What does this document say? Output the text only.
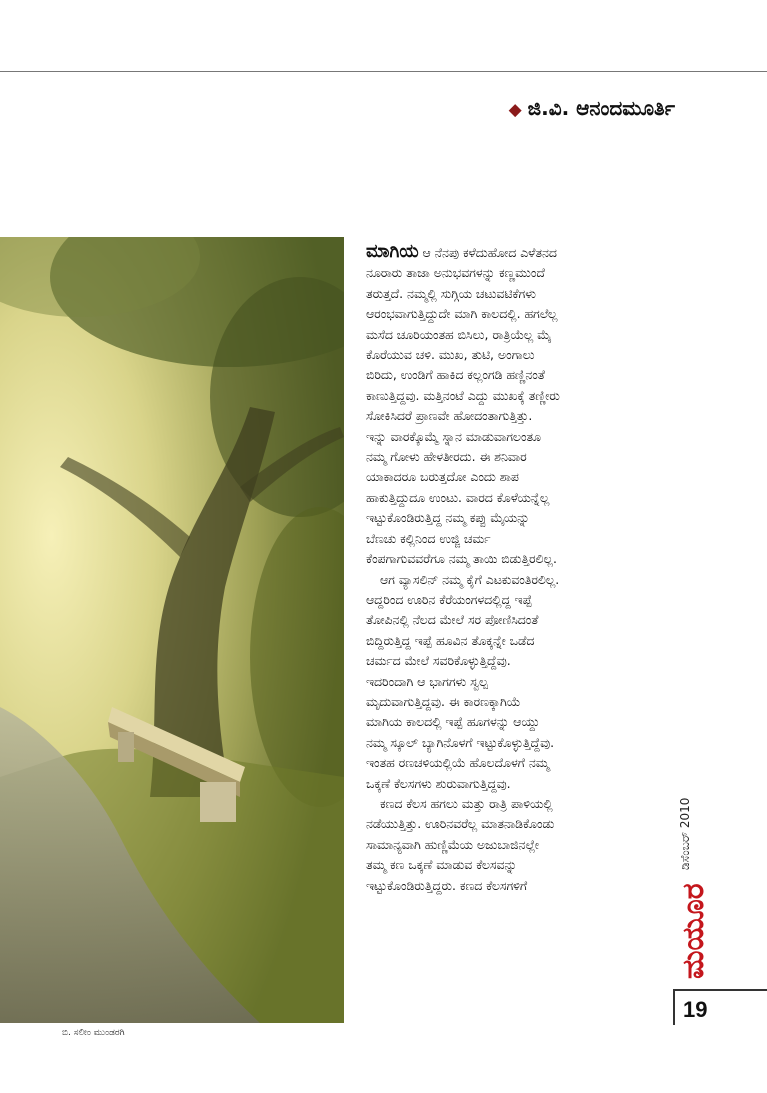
◆ ಜಿ.ವಿ. ಆನಂದಮೂರ್ತಿ
ಬಿ. ಸಲೀಂ ಮುಂಡರಗಿ
ಮಾಗಿಯ ಆ ನೆನಪು ಕಳೆದುಹೋದ ಎಳೆತನದ
ನೂರಾರು ತಾಜಾ ಅನುಭವಗಳನ್ನು ಕಣ್ಣಮುಂದೆ
ತರುತ್ತದೆ. ನಮ್ಮಲ್ಲಿ ಸುಗ್ಗಿಯ ಚಟುವಟಿಕೆಗಳು
ಆರಂಭವಾಗುತ್ತಿದ್ದುದೇ ಮಾಗಿ ಕಾಲದಲ್ಲಿ. ಹಗಲೆಲ್ಲ
ಮಸೆದ ಚೂರಿಯಂತಹ ಬಿಸಿಲು, ರಾತ್ರಿಯೆಲ್ಲ ಮೈ
ಕೊರೆಯುವ ಚಳಿ. ಮುಖ, ತುಟಿ, ಅಂಗಾಲು
ಬಿರಿದು, ಉಂಡಿಗೆ ಹಾಕಿದ ಕಲ್ಲಂಗಡಿ ಹಣ್ಣಿನಂತೆ
ಕಾಣುತ್ತಿದ್ದವು. ಮತ್ತಿನಂಟೆ ಎದ್ದು ಮುಖಕ್ಕೆ ತಣ್ಣೀರು
ಸೋಕಿಸಿದರೆ ಪ್ರಾಣವೇ ಹೋದಂತಾಗುತ್ತಿತ್ತು.
ಇನ್ನು ವಾರಕ್ಕೊಮ್ಮೆ ಸ್ನಾನ ಮಾಡುವಾಗಲಂತೂ
ನಮ್ಮ ಗೋಳು ಹೇಳತೀರದು. ಈ ಶನಿವಾರ
ಯಾಕಾದರೂ ಬರುತ್ತದೋ ಎಂದು ಶಾಪ
ಹಾಕುತ್ತಿದ್ದುದೂ ಉಂಟು. ವಾರದ ಕೊಳೆಯನ್ನೆಲ್ಲ
ಇಟ್ಟುಕೊಂಡಿರುತ್ತಿದ್ದ ನಮ್ಮ ಕಪ್ಪು ಮೈಯನ್ನು
ಬೆಣಚು ಕಲ್ಲಿನಿಂದ ಉಜ್ಜಿ ಚರ್ಮ
ಕೆಂಪಗಾಗುವವರೆಗೂ ನಮ್ಮ ತಾಯಿ ಬಿಡುತ್ತಿರಲಿಲ್ಲ.
ಆಗ ವ್ಯಾಸಲಿನ್ ನಮ್ಮ ಕೈಗೆ ಎಟಕುವಂತಿರಲಿಲ್ಲ.
ಆದ್ದರಿಂದ ಊರಿನ ಕೆರೆಯಂಗಳದಲ್ಲಿದ್ದ ಇಪ್ಪೆ
ತೋಪಿನಲ್ಲಿ ನೆಲದ ಮೇಲೆ ಸರ ಪೋಣಿಸಿದಂತೆ
ಬಿದ್ದಿರುತ್ತಿದ್ದ ಇಪ್ಪೆ ಹೂವಿನ ತೊಕ್ಕನ್ನೇ ಒಡೆದ
ಚರ್ಮದ ಮೇಲೆ ಸವರಿಕೊಳ್ಳುತ್ತಿದ್ದೆವು.
ಇದರಿಂದಾಗಿ ಆ ಭಾಗಗಳು ಸ್ವಲ್ಪ
ಮೃದುವಾಗುತ್ತಿದ್ದವು. ಈ ಕಾರಣಕ್ಕಾಗಿಯೆ
ಮಾಗಿಯ ಕಾಲದಲ್ಲಿ ಇಪ್ಪೆ ಹೂಗಳನ್ನು ಆಯ್ದು
ನಮ್ಮ ಸ್ಕೂಲ್ ಬ್ಯಾಗಿನೊಳಗೆ ಇಟ್ಟುಕೊಳ್ಳುತ್ತಿದ್ದೆವು.
ಇಂತಹ ರಣಚಳಿಯಲ್ಲಿಯೆ ಹೊಲದೊಳಗೆ ನಮ್ಮ
ಒಕ್ಕಣೆ ಕೆಲಸಗಳು ಶುರುವಾಗುತ್ತಿದ್ದವು.
ಕಣದ ಕೆಲಸ ಹಗಲು ಮತ್ತು ರಾತ್ರಿ ಪಾಳಿಯಲ್ಲಿ
ನಡೆಯುತ್ತಿತ್ತು. ಊರಿನವರೆಲ್ಲ ಮಾತನಾಡಿಕೊಂಡು
ಸಾಮಾನ್ಯವಾಗಿ ಹುಣ್ಣಿಮೆಯ ಅಜುಬಾಜಿನಲ್ಲೇ
ತಮ್ಮ ಕಣ ಒಕ್ಕಣೆ ಮಾಡುವ ಕೆಲಸವನ್ನು
ಇಟ್ಟುಕೊಂಡಿರುತ್ತಿದ್ದರು. ಕಣದ ಕೆಲಸಗಳಿಗೆ
ಡಿಸೆಂಬರ್ 2010
ಮಯೂರ
19
